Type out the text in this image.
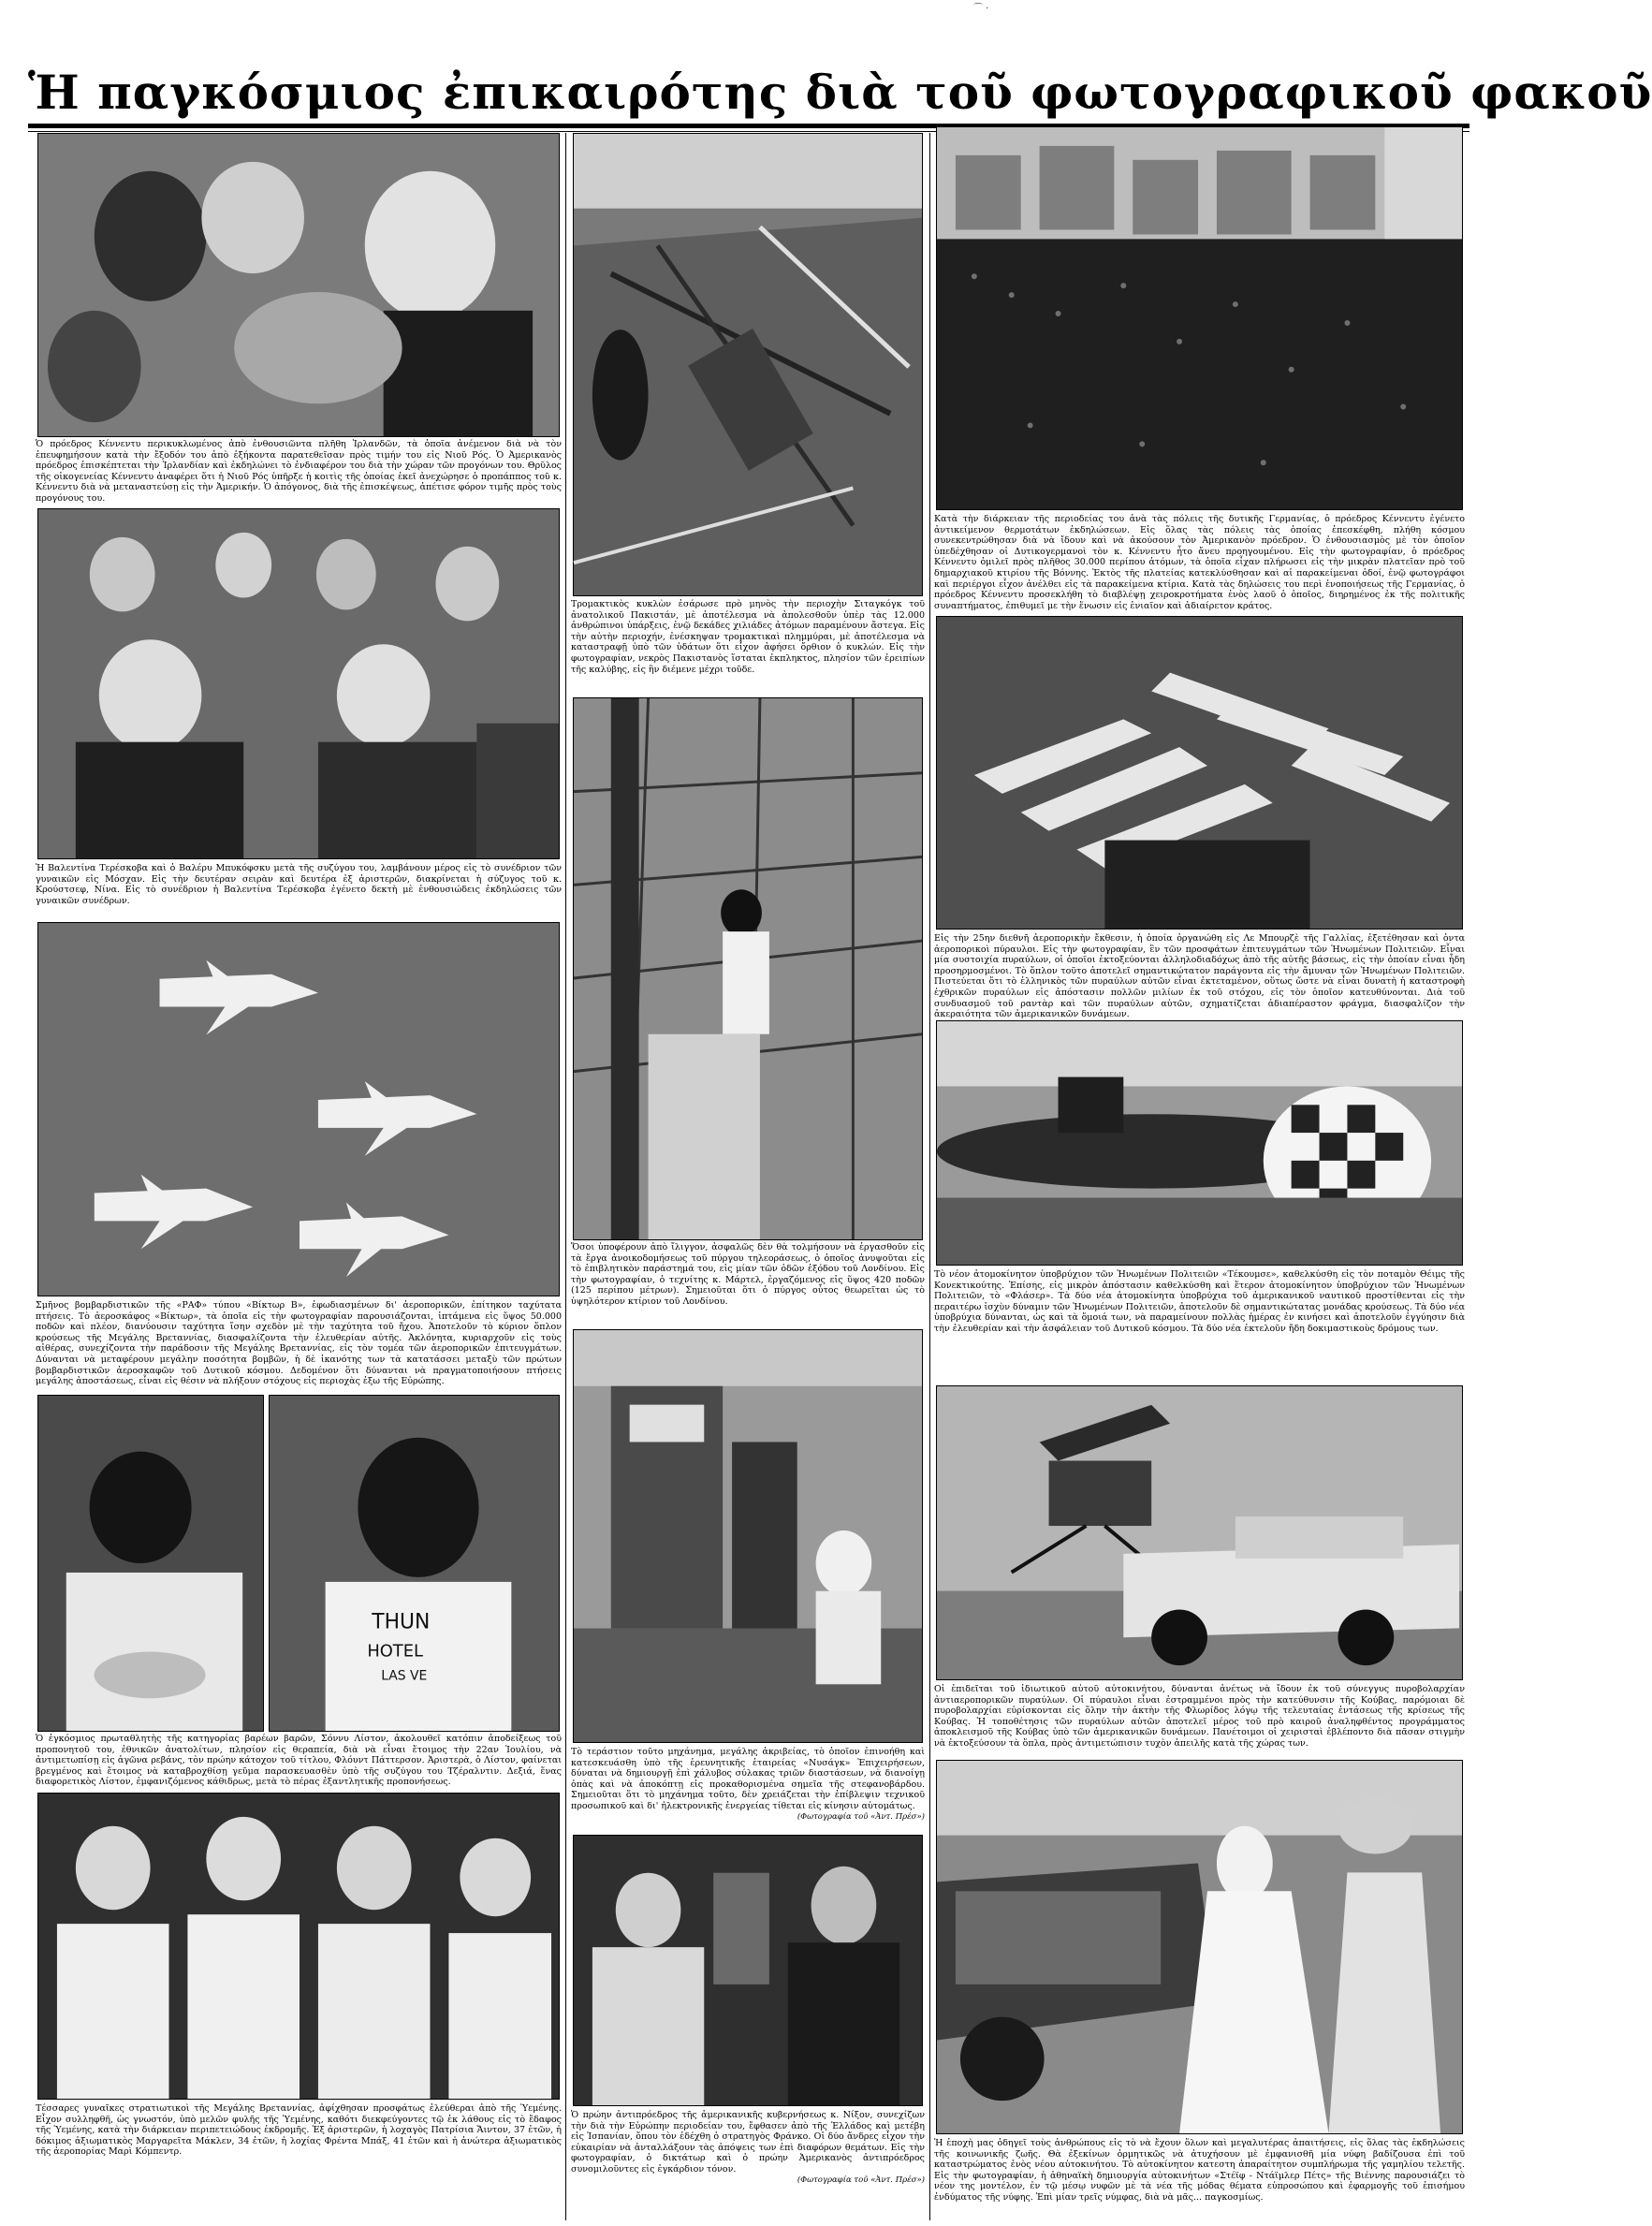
⌒ ·
Ἡ παγκόσμιος ἐπικαιρότης διὰ τοῦ φωτογραφικοῦ φακοῦ
Ὁ πρόεδρος Κέννεντυ περικυκλωμένος ἀπὸ ἐνθουσιῶντα πλῆθη Ἰρλανδῶν, τὰ ὁποῖα ἀνέμενον διὰ νὰ τὸν ἐπευφημήσουν κατὰ τὴν ἔξοδόν του ἀπὸ ἑξήκοντα παρατεθεῖσαν πρὸς τιμήν του εἰς Νιοῦ Ρός. Ὁ Ἀμερικανὸς πρόεδρος ἐπισκέπτεται τὴν Ἰρλανδίαν καὶ ἐκδηλώνει τὸ ἐνδιαφέρον του διὰ τὴν χώραν τῶν προγόνων του. Θρῦλος τῆς οἰκογενείας Κέννεντυ ἀναφέρει ὅτι ἡ Νιοῦ Ρός ὑπῆρξε ἡ κοιτὶς τῆς ὁποίας ἐκεῖ ἀνεχώρησε ὁ προπάππος τοῦ κ. Κέννεντυ διὰ νὰ μεταναστεύσῃ εἰς τὴν Ἀμερικήν. Ὁ ἀπόγονος, διὰ τῆς ἐπισκέψεως, ἀπέτισε φόρον τιμῆς πρὸς τοὺς προγόνους του.
Ἡ Βαλεντίνα Τερέσκοβα καὶ ὁ Βαλέρυ Μπυκόφσκυ μετὰ τῆς συζύγου του, λαμβάνουν μέρος εἰς τὸ συνέδριον τῶν γυναικῶν εἰς Μόσχαν. Εἰς τὴν δευτέραν σειρὰν καὶ δευτέρα ἐξ ἀριστερῶν, διακρίνεται ἡ σύζυγος τοῦ κ. Κρούστσεφ, Νίνα. Εἰς τὸ συνέδριον ἡ Βαλεντίνα Τερέσκοβα ἐγένετο δεκτὴ μὲ ἐνθουσιώδεις ἐκδηλώσεις τῶν γυναικῶν συνέδρων.
Σμῆνος βομβαρδιστικῶν τῆς «ΡΑΦ» τύπου «Βίκτωρ Β», ἐφωδιασμένων δι' ἀεροπορικῶν, ἐπίτηκον ταχύτατα πτήσεις. Τὸ ἀεροσκάφος «Βίκτωρ», τὰ ὁποῖα εἰς τὴν φωτογραφίαν παρουσιάζονται, ἱπτάμενα εἰς ὕψος 50.000 ποδῶν καὶ πλέον, διανύουσιν ταχύτητα ἴσην σχεδὸν μὲ τὴν ταχύτητα τοῦ ἤχου. Ἀποτελοῦν τὸ κύριον ὅπλον κρούσεως τῆς Μεγάλης Βρεταννίας, διασφαλίζοντα τὴν ἐλευθερίαν αὐτῆς. Ἀκλόνητα, κυριαρχοῦν εἰς τοὺς αἰθέρας, συνεχίζοντα τὴν παράδοσιν τῆς Μεγάλης Βρεταννίας, εἰς τὸν τομέα τῶν ἀεροπορικῶν ἐπιτευγμάτων. Δύνανται νὰ μεταφέρουν μεγάλην ποσότητα βομβῶν, ἡ δὲ ἱκανότης των τὰ κατατάσσει μεταξὺ τῶν πρώτων βομβαρδιστικῶν ἀεροσκαφῶν τοῦ Δυτικοῦ κόσμου. Δεδομένον ὅτι δύνανται νὰ πραγματοποιήσουν πτήσεις μεγάλης ἀποστάσεως, εἶναι εἰς θέσιν νὰ πλήξουν στόχους εἰς περιοχὰς ἐξω τῆς Εὐρώπης.
THUN
HOTEL
LAS VE
Ὁ ἐγκόσμιος πρωταθλητὴς τῆς κατηγορίας βαρέων βαρῶν, Σόννυ Λίστον, ἀκολουθεῖ κατόπιν ἀποδείξεως τοῦ προπονητοῦ του, ἐθνικῶν ἀνατολίτων, πλησίον εἰς θεραπεία, διὰ νὰ εἶναι ἕτοιμος τὴν 22αν Ἰουλίου, νὰ ἀντιμετωπίσῃ εἰς ἀγῶνα ρεβάνς, τὸν πρώην κάτοχον τοῦ τίτλου, Φλόυντ Πάττερσον. Ἀριστερὰ, ὁ Λίστον, φαίνεται βρεγμένος καὶ ἕτοιμος νὰ καταβροχθίσῃ γεῦμα παρασκευασθὲν ὑπὸ τῆς συζύγου του Τζέραλντιν. Δεξιά, ἕνας διαφορετικὸς Λίστον, ἐμφανιζόμενος κάθιδρως, μετὰ τὸ πέρας ἐξαντλητικῆς προπονήσεως.
Τέσσαρες γυναῖκες στρατιωτικοὶ τῆς Μεγάλης Βρεταννίας, ἀφίχθησαν προσφάτως ἐλεύθεραι ἀπὸ τῆς Ὑεμένης. Εἶχον συλληφθῆ, ὡς γνωστόν, ὑπὸ μελῶν φυλῆς τῆς Ὑεμένης, καθότι διεκφεύγοντες τῷ ἐκ λάθους εἰς τὸ ἔδαφος τῆς Ὑεμένης, κατὰ τὴν διάρκειαν περιπετειώδους ἐκδρομῆς. Ἐξ ἀριστερῶν, ἡ λοχαγὸς Πατρίσια Ἄιντον, 37 ἐτῶν, ἡ δόκιμος ἀξιωματικὸς Μαργαρεῖτα Μάκλεν, 34 ἐτῶν, ἡ λοχίας Φρέντα Μπάξ, 41 ἐτῶν καὶ ἡ ἀνώτερα ἀξιωματικὸς τῆς ἀεροπορίας Μαρὶ Κόμπεντρ.
Τρομακτικὸς κυκλὼν ἐσάρωσε πρὸ μηνὸς τὴν περιοχὴν Σιταγκόγκ τοῦ ἀνατολικοῦ Πακιστάν, μὲ ἀποτέλεσμα νὰ ἀπολεσθοῦν ὑπὲρ τὰς 12.000 ἀνθρώπινοι ὑπάρξεις, ἐνῷ δεκάδες χιλιάδες ἀτόμων παραμένουν ἄστεγα. Εἰς τὴν αὐτὴν περιοχήν, ἐνέσκηψαν τρομακτικαὶ πλημμύραι, μὲ ἀποτέλεσμα νὰ καταστραφῇ ὑπὸ τῶν ὑδάτων ὅτι εἶχον ἀφήσει ὄρθιον ὁ κυκλών. Εἰς τὴν φωτογραφίαν, νεκρὸς Πακιστανὸς ἵσταται ἐκπληκτος, πλησίον τῶν ἐρειπίων τῆς καλύβης, εἰς ἣν διέμενε μέχρι τοῦδε.
Ὅσοι ὑποφέρουν ἀπὸ ἴλιγγον, ἀσφαλῶς δὲν θὰ τολμήσουν νὰ ἐργασθοῦν εἰς τὰ ἔργα ἀνοικοδομήσεως τοῦ πύργου τηλεοράσεως, ὁ ὁποῖος ἀνυψοῦται εἰς τὸ ἐπιβλητικὸν παράστημά του, εἰς μίαν τῶν ὁδῶν ἐξόδου τοῦ Λονδίνου. Εἰς τὴν φωτογραφίαν, ὁ τεχνίτης κ. Μάρτελ, ἐργαζόμενος εἰς ὕψος 420 ποδῶν (125 περίπου μέτρων). Σημειοῦται ὅτι ὁ πύργος οὗτος θεωρεῖται ὡς τὸ ὑψηλότερον κτίριον τοῦ Λονδίνου.
Τὸ τεράστιον τοῦτο μηχάνημα, μεγάλης ἀκριβείας, τὸ ὁποῖον ἐπινοήθη καὶ κατεσκευάσθη ὑπὸ τῆς ἑρευνητικῆς ἑταιρείας «Νυσάγκ» Ἐπιχειρήσεων, δύναται νὰ δημιουργῇ ἐπὶ χάλυβος σύλακας τριῶν διαστάσεων, νὰ διανοίγῃ ὀπὰς καὶ νὰ ἀποκόπτῃ εἰς προκαθορισμένα σημεῖα τῆς στεφανοβάρδου. Σημειοῦται ὅτι τὸ μηχάνημα τοῦτο, δὲν χρειάζεται τὴν ἐπίβλεψιν τεχνικοῦ προσωπικοῦ καὶ δι' ἠλεκτρονικῆς ἐνεργείας τίθεται εἰς κίνησιν αὐτομάτως.
(Φωτογραφία τοῦ «Ἀντ. Πρέσ»)
Ὁ πρώην ἀντιπρόεδρος τῆς ἀμερικανικῆς κυβερνήσεως κ. Νίξον, συνεχίζων τὴν διὰ τὴν Εὐρώπην περιοδείαν του, ἔφθασεν ἀπὸ τῆς Ἑλλάδος καὶ μετέβη εἰς Ἱσπανίαν, ὅπου τὸν ἐδέχθη ὁ στρατηγὸς Φράνκο. Οἱ δύο ἄνδρες εἶχον τὴν εὐκαιρίαν νὰ ἀνταλλάξουν τὰς ἀπόψεις των ἐπὶ διαφόρων θεμάτων. Εἰς τὴν φωτογραφίαν, ὁ δικτάτωρ καὶ ὁ πρώην Ἀμερικανὸς ἀντιπρόεδρος συνομιλοῦντες εἰς ἐγκάρδιον τόνον.
(Φωτογραφία τοῦ «Ἀντ. Πρέσ»)
Κατὰ τὴν διάρκειαν τῆς περιοδείας του ἀνὰ τὰς πόλεις τῆς δυτικῆς Γερμανίας, ὁ πρόεδρος Κέννεντυ ἐγένετο ἀντικείμενον θερμοτάτων ἐκδηλώσεων. Εἰς ὅλας τὰς πόλεις τὰς ὁποίας ἐπεσκέφθη, πλήθη κόσμου συνεκεντρώθησαν διὰ νὰ ἴδουν καὶ νὰ ἀκούσουν τὸν Ἀμερικανὸν πρόεδρον. Ὁ ἐνθουσιασμὸς μὲ τὸν ὁποῖον ὑπεδέχθησαν οἱ Δυτικογερμανοὶ τὸν κ. Κέννεντυ ἦτο ἄνευ προηγουμένου. Εἰς τὴν φωτογραφίαν, ὁ πρόεδρος Κέννεντυ ὁμιλεῖ πρὸς πλῆθος 30.000 περίπου ἀτόμων, τὰ ὁποῖα εἶχαν πλήρωσει εἰς τὴν μικρὰν πλατεῖαν πρὸ τοῦ δημαρχιακοῦ κτιρίου τῆς Βόννης. Ἐκτὸς τῆς πλατείας κατεκλύσθησαν καὶ αἱ παρακείμεναι ὁδοί, ἐνῷ φωτογράφοι καὶ περιέργοι εἶχον ἀνέλθει εἰς τὰ παρακείμενα κτίρια. Κατὰ τὰς δηλώσεις του περὶ ἐνοποιήσεως τῆς Γερμανίας, ὁ πρόεδρος Κέννεντυ προσεκλήθη τὸ διαβλέψῃ χειροκροτήματα ἐνὸς λαοῦ ὁ ὁποῖος, διηρημένος ἐκ τῆς πολιτικῆς συναπτήματος, ἐπιθυμεῖ με τὴν ἕνωσιν εἰς ἑνιαῖον καὶ ἀδιαίρετον κράτος.
Εἰς τὴν 25ην διεθνῆ ἀεροπορικὴν ἔκθεσιν, ἡ ὁποία ὀργανώθη εἰς Λε Μπουρζὲ τῆς Γαλλίας, ἐξετέθησαν καὶ ὀντα ἀεροπορικοὶ πύραυλοι. Εἰς τὴν φωτογραφίαν, ἓν τῶν προσφάτων ἐπιτευγμάτων τῶν Ἡνωμένων Πολιτειῶν. Εἶναι μία συστοιχία πυραύλων, οἱ ὁποῖοι ἐκτοξεύονται ἀλληλοδιαδόχως ἀπὸ τῆς αὐτῆς βάσεως, εἰς τὴν ὁποίαν εἶναι ἦδη προσηρμοσμένοι. Τὸ ὅπλον τοῦτο ἀποτελεῖ σημαντικώτατον παράγοντα εἰς τὴν ἄμυναν τῶν Ἡνωμένων Πολιτειῶν. Πιστεύεται ὅτι τὸ ἑλληνικὸς τῶν πυραύλων αὐτῶν εἶναι ἐκτεταμένον, οὕτως ὥστε νὰ εἶναι δυνατὴ ἡ καταστροφὴ ἐχθρικῶν πυραύλων εἰς ἀπόστασιν πολλῶν μιλίων ἐκ τοῦ στόχου, εἰς τὸν ὁποῖον κατευθύνονται. Διὰ τοῦ συνδυασμοῦ τοῦ ραντὰρ καὶ τῶν πυραύλων αὐτῶν, σχηματίζεται ἀδιαπέραστον φράγμα, διασφαλίζον τὴν ἀκεραιότητα τῶν ἀμερικανικῶν δυνάμεων.
Τὸ νέον ἀτομοκίνητον ὑποβρύχιον τῶν Ἡνωμένων Πολιτειῶν «Τέκουμσε», καθελκύσθη εἰς τὸν ποταμὸν Θέιμς τῆς Κονεκτικούτης. Ἐπίσης, εἰς μικρὸν ἀπόστασιν καθελκύσθη καὶ ἕτερον ἀτομοκίνητον ὑποβρύχιον τῶν Ἡνωμένων Πολιτειῶν, τὸ «Φλάσερ». Τὰ δύο νέα ἀτομοκίνητα ὑποβρύχια τοῦ ἀμερικανικοῦ ναυτικοῦ προστίθενται εἰς τὴν περαιτέρω ἰσχὺν δύναμιν τῶν Ἡνωμένων Πολιτειῶν, ἀποτελοῦν δὲ σημαντικώτατας μονάδας κρούσεως. Τὰ δύο νέα ὑποβρύχια δύνανται, ὡς καὶ τὰ ὅμοιά των, νὰ παραμείνουν πολλὰς ἡμέρας ἐν κινήσει καὶ ἀποτελοῦν ἐγγύησιν διὰ τὴν ἐλευθερίαν καὶ τὴν ἀσφάλειαν τοῦ Δυτικοῦ κόσμου. Τὰ δύο νέα ἐκτελοῦν ἤδη δοκιμαστικοὺς δρόμους των.
Οἱ ἐπιδεῖται τοῦ ἰδιωτικοῦ αὐτοῦ αὐτοκινήτου, δύνανται ἀνέτως νὰ ἴδουν ἐκ τοῦ σύνεγγυς πυροβολαρχίαν ἀντιαεροπορικῶν πυραύλων. Οἱ πύραυλοι εἶναι ἐστραμμένοι πρὸς τὴν κατεύθυνσιν τῆς Κούβας, παρόμοιαι δὲ πυροβολαρχίαι εὑρίσκονται εἰς ὅλην τὴν ἀκτὴν τῆς Φλωρίδος λόγῳ τῆς τελευταίας ἐντάσεως τῆς κρίσεως τῆς Κούβας. Ἡ τοποθέτησις τῶν πυραύλων αὐτῶν ἀποτελεῖ μέρος τοῦ πρὸ καιροῦ ἀναληφθέντος προγράμματος ἀποκλεισμοῦ τῆς Κούβας ὑπὸ τῶν ἀμερικανικῶν δυνάμεων. Πανέτοιμοι οἱ χειρισταὶ ἐβλέποντο διὰ πᾶσαν στιγμὴν νὰ ἐκτοξεύσουν τὰ ὅπλα, πρὸς ἀντιμετώπισιν τυχὸν ἀπειλῆς κατὰ τῆς χώρας των.
Ἡ ἐποχὴ μας ὁδηγεῖ τοὺς ἀνθρώπους εἰς τὸ νὰ ἔχουν ὅλων καὶ μεγαλυτέρας ἀπαιτήσεις, εἰς ὅλας τὰς ἐκδηλώσεις τῆς κοινωνικῆς ζωῆς. Θὰ ἐξεκίνων ὁρμητικῶς νὰ ἀτυχήσουν μὲ ἐμφανισθῆ μία νύφη βαδίζουσα ἐπὶ τοῦ καταστρώματος ἑνὸς νέου αὐτοκινήτου. Τὸ αὐτοκίνητον κατεστη ἀπαραίτητον συμπλήρωμα τῆς γαμηλίου τελετῆς. Εἰς τὴν φωτογραφίαν, ἡ ἀθηναϊκὴ δημιουργία αὐτοκινήτων «Στέϊφ - Ντάϊμλερ Πέτς» τῆς Βιέννης παρουσιάζει τὸ νέον της μοντέλον, ἐν τῷ μέσῳ νυφῶν μὲ τὰ νέα τῆς μόδας θέματα εὐπροσώπου καὶ ἐφαρμογῆς τοῦ ἐπισήμου ἐνδύματος τῆς νύφης. Ἐπὶ μίαν τρεῖς νύμφας, διὰ νὰ μᾶς... παγκοσμίως.
